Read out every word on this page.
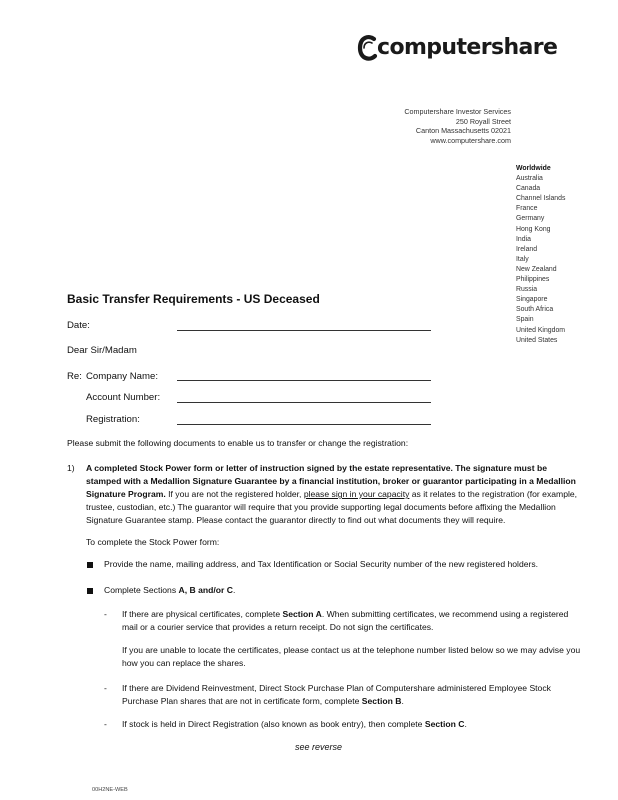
computershare
Computershare Investor Services
250 Royall Street
Canton Massachusetts 02021
www.computershare.com
Worldwide
Australia
Canada
Channel Islands
France
Germany
Hong Kong
India
Ireland
Italy
New Zealand
Philippines
Russia
Singapore
South Africa
Spain
United Kingdom
United States
Basic Transfer Requirements - US Deceased
Date:
Dear Sir/Madam
Re: Company Name:
Account Number:
Registration:
Please submit the following documents to enable us to transfer or change the registration:
1) A completed Stock Power form or letter of instruction signed by the estate representative. The signature must be
stamped with a Medallion Signature Guarantee by a financial institution, broker or guarantor participating in a Medallion
Signature Program. If you are not the registered holder, please sign in your capacity as it relates to the registration (for example,
trustee, custodian, etc.) The guarantor will require that you provide supporting legal documents before affixing the Medallion
Signature Guarantee stamp. Please contact the guarantor directly to find out what documents they will require.
To complete the Stock Power form:
Provide the name, mailing address, and Tax Identification or Social Security number of the new registered holders.
Complete Sections A, B and/or C.
- If there are physical certificates, complete Section A. When submitting certificates, we recommend using a registered
mail or a courier service that provides a return receipt. Do not sign the certificates.
If you are unable to locate the certificates, please contact us at the telephone number listed below so we may advise you
how you can replace the shares.
- If there are Dividend Reinvestment, Direct Stock Purchase Plan of Computershare administered Employee Stock
Purchase Plan shares that are not in certificate form, complete Section B.
- If stock is held in Direct Registration (also known as book entry), then complete Section C.
see reverse
00H2NE-WEB
